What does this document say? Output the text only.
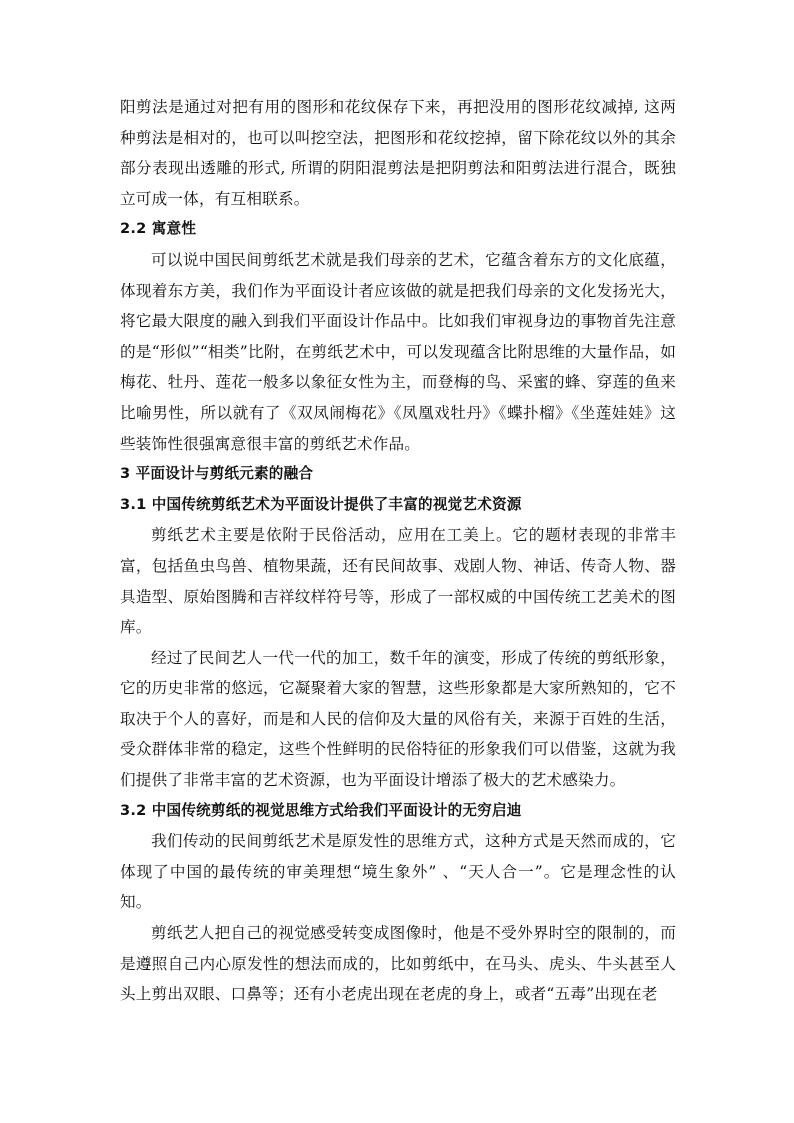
阳剪法是通过对把有用的图形和花纹保存下来，再把没用的图形花纹减掉, 这两种剪法是相对的，也可以叫挖空法，把图形和花纹挖掉，留下除花纹以外的其余部分表现出透雕的形式, 所谓的阴阳混剪法是把阴剪法和阳剪法进行混合，既独立可成一体，有互相联系。

2.2 寓意性

可以说中国民间剪纸艺术就是我们母亲的艺术，它蕴含着东方的文化底蕴，体现着东方美，我们作为平面设计者应该做的就是把我们母亲的文化发扬光大，将它最大限度的融入到我们平面设计作品中。比如我们审视身边的事物首先注意的是“形似”“相类”比附，在剪纸艺术中，可以发现蕴含比附思维的大量作品，如梅花、牡丹、莲花一般多以象征女性为主，而登梅的鸟、采蜜的蜂、穿莲的鱼来比喻男性，所以就有了《双凤闹梅花》《凤凰戏牡丹》《蝶扑榴》《坐莲娃娃》这些装饰性很强寓意很丰富的剪纸艺术作品。

3 平面设计与剪纸元素的融合

3.1 中国传统剪纸艺术为平面设计提供了丰富的视觉艺术资源

剪纸艺术主要是依附于民俗活动，应用在工美上。它的题材表现的非常丰富，包括鱼虫鸟兽、植物果蔬，还有民间故事、戏剧人物、神话、传奇人物、器具造型、原始图腾和吉祥纹样符号等，形成了一部权威的中国传统工艺美术的图库。

经过了民间艺人一代一代的加工，数千年的演变，形成了传统的剪纸形象，它的历史非常的悠远，它凝聚着大家的智慧，这些形象都是大家所熟知的，它不取决于个人的喜好，而是和人民的信仰及大量的风俗有关，来源于百姓的生活，受众群体非常的稳定，这些个性鲜明的民俗特征的形象我们可以借鉴，这就为我们提供了非常丰富的艺术资源，也为平面设计增添了极大的艺术感染力。

3.2 中国传统剪纸的视觉思维方式给我们平面设计的无穷启迪

我们传动的民间剪纸艺术是原发性的思维方式，这种方式是天然而成的，它体现了中国的最传统的审美理想“境生象外” 、“天人合一”。它是理念性的认知。

剪纸艺人把自己的视觉感受转变成图像时，他是不受外界时空的限制的，而是遵照自己内心原发性的想法而成的，比如剪纸中，在马头、虎头、牛头甚至人头上剪出双眼、口鼻等；还有小老虎出现在老虎的身上，或者“五毒”出现在老
